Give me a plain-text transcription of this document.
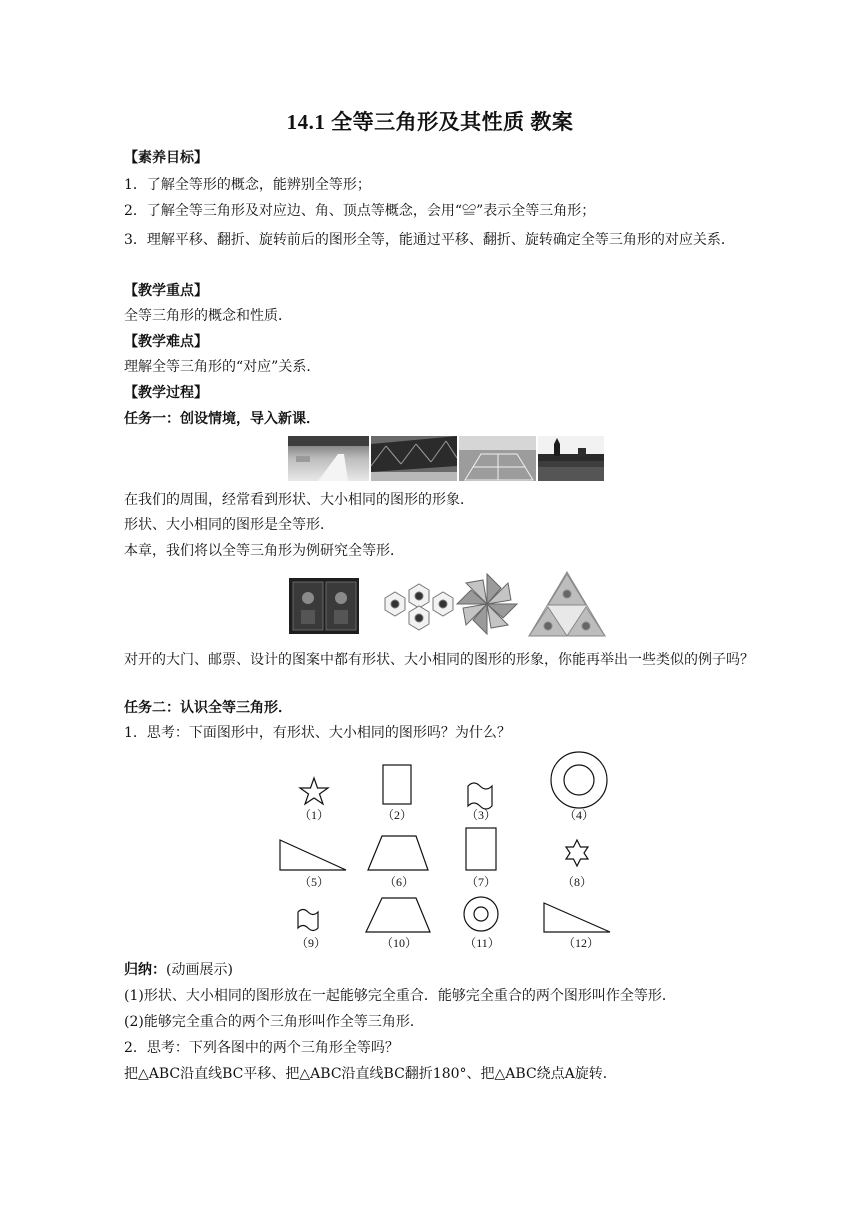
14.1 全等三角形及其性质 教案
【素养目标】
1．了解全等形的概念，能辨别全等形；
2．了解全等三角形及对应边、角、顶点等概念，会用“≌”表示全等三角形；
3．理解平移、翻折、旋转前后的图形全等，能通过平移、翻折、旋转确定全等三角形的对应关系．
【教学重点】
全等三角形的概念和性质．
【教学难点】
理解全等三角形的“对应”关系．
【教学过程】
任务一：创设情境，导入新课．
在我们的周围，经常看到形状、大小相同的图形的形象．
形状、大小相同的图形是全等形．
本章，我们将以全等三角形为例研究全等形．
对开的大门、邮票、设计的图案中都有形状、大小相同的图形的形象，你能再举出一些类似的例子吗？
任务二：认识全等三角形．
1．思考：下面图形中，有形状、大小相同的图形吗？为什么？
（1）	（2）	（3）	（4）
（5）	（6）	（7）	（8）
（9）	（10）	（11）	（12）
归纳：(动画展示)
(1)形状、大小相同的图形放在一起能够完全重合．能够完全重合的两个图形叫作全等形．
(2)能够完全重合的两个三角形叫作全等三角形．
2．思考：下列各图中的两个三角形全等吗？
把△ABC沿直线BC平移、把△ABC沿直线BC翻折180°、把△ABC绕点A旋转．
